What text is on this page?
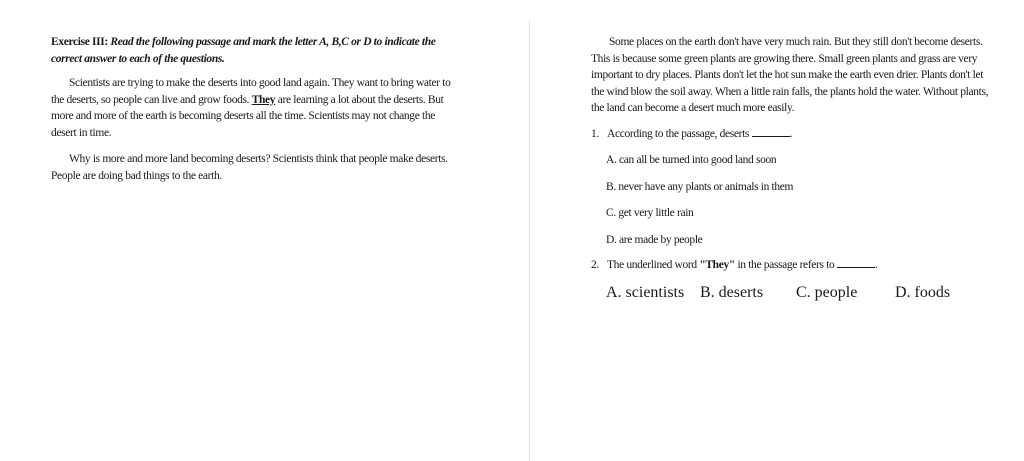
Exercise III: Read the following passage and mark the letter A, B,C or D to indicate the correct answer to each of the questions.

Scientists are trying to make the deserts into good land again. They want to bring water to the deserts, so people can live and grow foods. They are learning a lot about the deserts. But more and more of the earth is becoming deserts all the time. Scientists may not change the desert in time.

Why is more and more land becoming deserts? Scientists think that people make deserts. People are doing bad things to the earth.

Some places on the earth don't have very much rain. But they still don't become deserts. This is because some green plants are growing there. Small green plants and grass are very important to dry places. Plants don't let the hot sun make the earth even drier. Plants don't let the wind blow the soil away. When a little rain falls, the plants hold the water. Without plants, the land can become a desert much more easily.

1. According to the passage, deserts	.

A. can all be turned into good land soon

B. never have any plants or animals in them

C. get very little rain

D. are made by people

2. The underlined word "They" in the passage refers to	.

A. scientists B. deserts C. people D. foods
